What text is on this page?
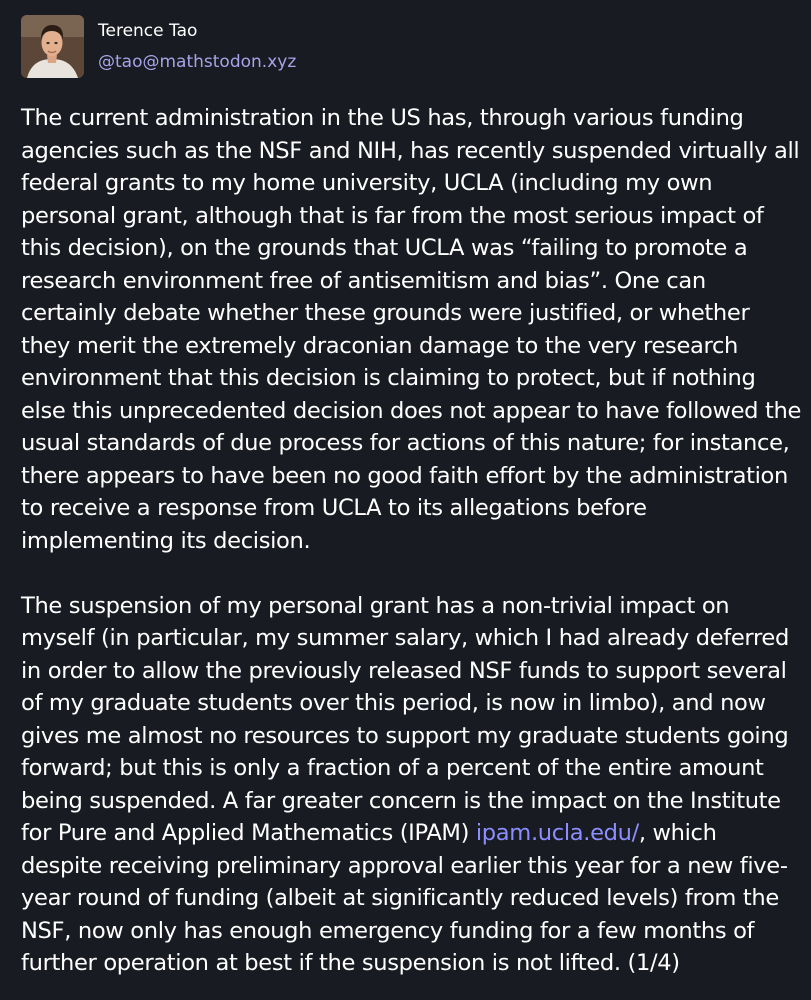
Terence Tao
@tao@mathstodon.xyz

The current administration in the US has, through various funding agencies such as the NSF and NIH, has recently suspended virtually all federal grants to my home university, UCLA (including my own personal grant, although that is far from the most serious impact of this decision), on the grounds that UCLA was “failing to promote a research environment free of antisemitism and bias”. One can certainly debate whether these grounds were justified, or whether they merit the extremely draconian damage to the very research environment that this decision is claiming to protect, but if nothing else this unprecedented decision does not appear to have followed the usual standards of due process for actions of this nature; for instance, there appears to have been no good faith effort by the administration to receive a response from UCLA to its allegations before implementing its decision.

The suspension of my personal grant has a non-trivial impact on myself (in particular, my summer salary, which I had already deferred in order to allow the previously released NSF funds to support several of my graduate students over this period, is now in limbo), and now gives me almost no resources to support my graduate students going forward; but this is only a fraction of a percent of the entire amount being suspended. A far greater concern is the impact on the Institute for Pure and Applied Mathematics (IPAM) ipam.ucla.edu/, which despite receiving preliminary approval earlier this year for a new five-year round of funding (albeit at significantly reduced levels) from the NSF, now only has enough emergency funding for a few months of further operation at best if the suspension is not lifted. (1/4)
